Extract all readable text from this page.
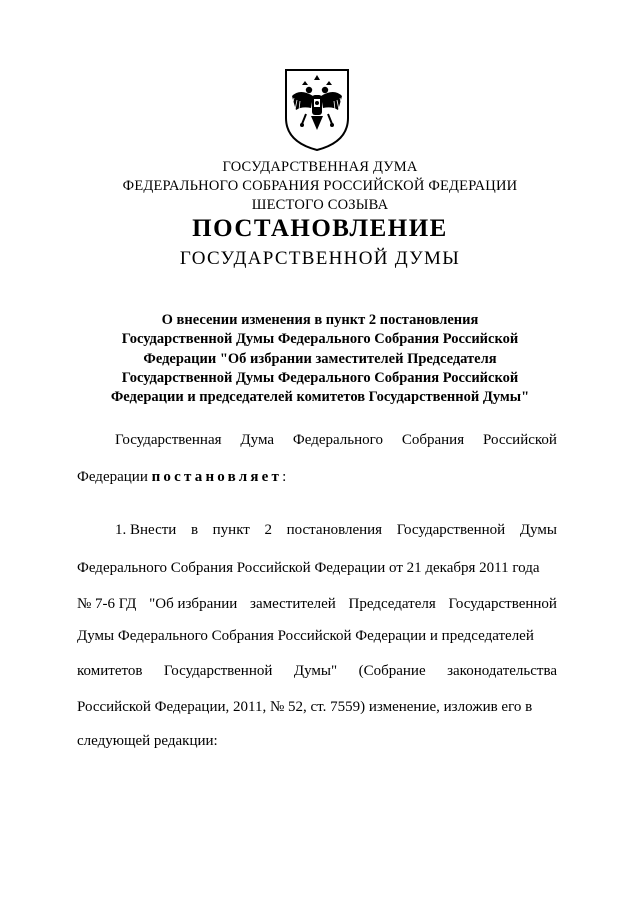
ГОСУДАРСТВЕННАЯ ДУМА
ФЕДЕРАЛЬНОГО СОБРАНИЯ РОССИЙСКОЙ ФЕДЕРАЦИИ
ШЕСТОГО СОЗЫВА
ПОСТАНОВЛЕНИЕ
ГОСУДАРСТВЕННОЙ ДУМЫ
О внесении изменения в пункт 2 постановления
Государственной Думы Федерального Собрания Российской
Федерации "Об избрании заместителей Председателя
Государственной Думы Федерального Собрания Российской
Федерации и председателей комитетов Государственной Думы"
Государственная Дума Федерального Собрания Российской
Федерации постановляет:
1. Внести в пункт 2 постановления Государственной Думы
Федерального Собрания Российской Федерации от 21 декабря 2011 года
№ 7-6 ГД "Об избрании заместителей Председателя Государственной
Думы Федерального Собрания Российской Федерации и председателей
комитетов Государственной Думы" (Собрание законодательства
Российской Федерации, 2011, № 52, ст. 7559) изменение, изложив его в
следующей редакции:
